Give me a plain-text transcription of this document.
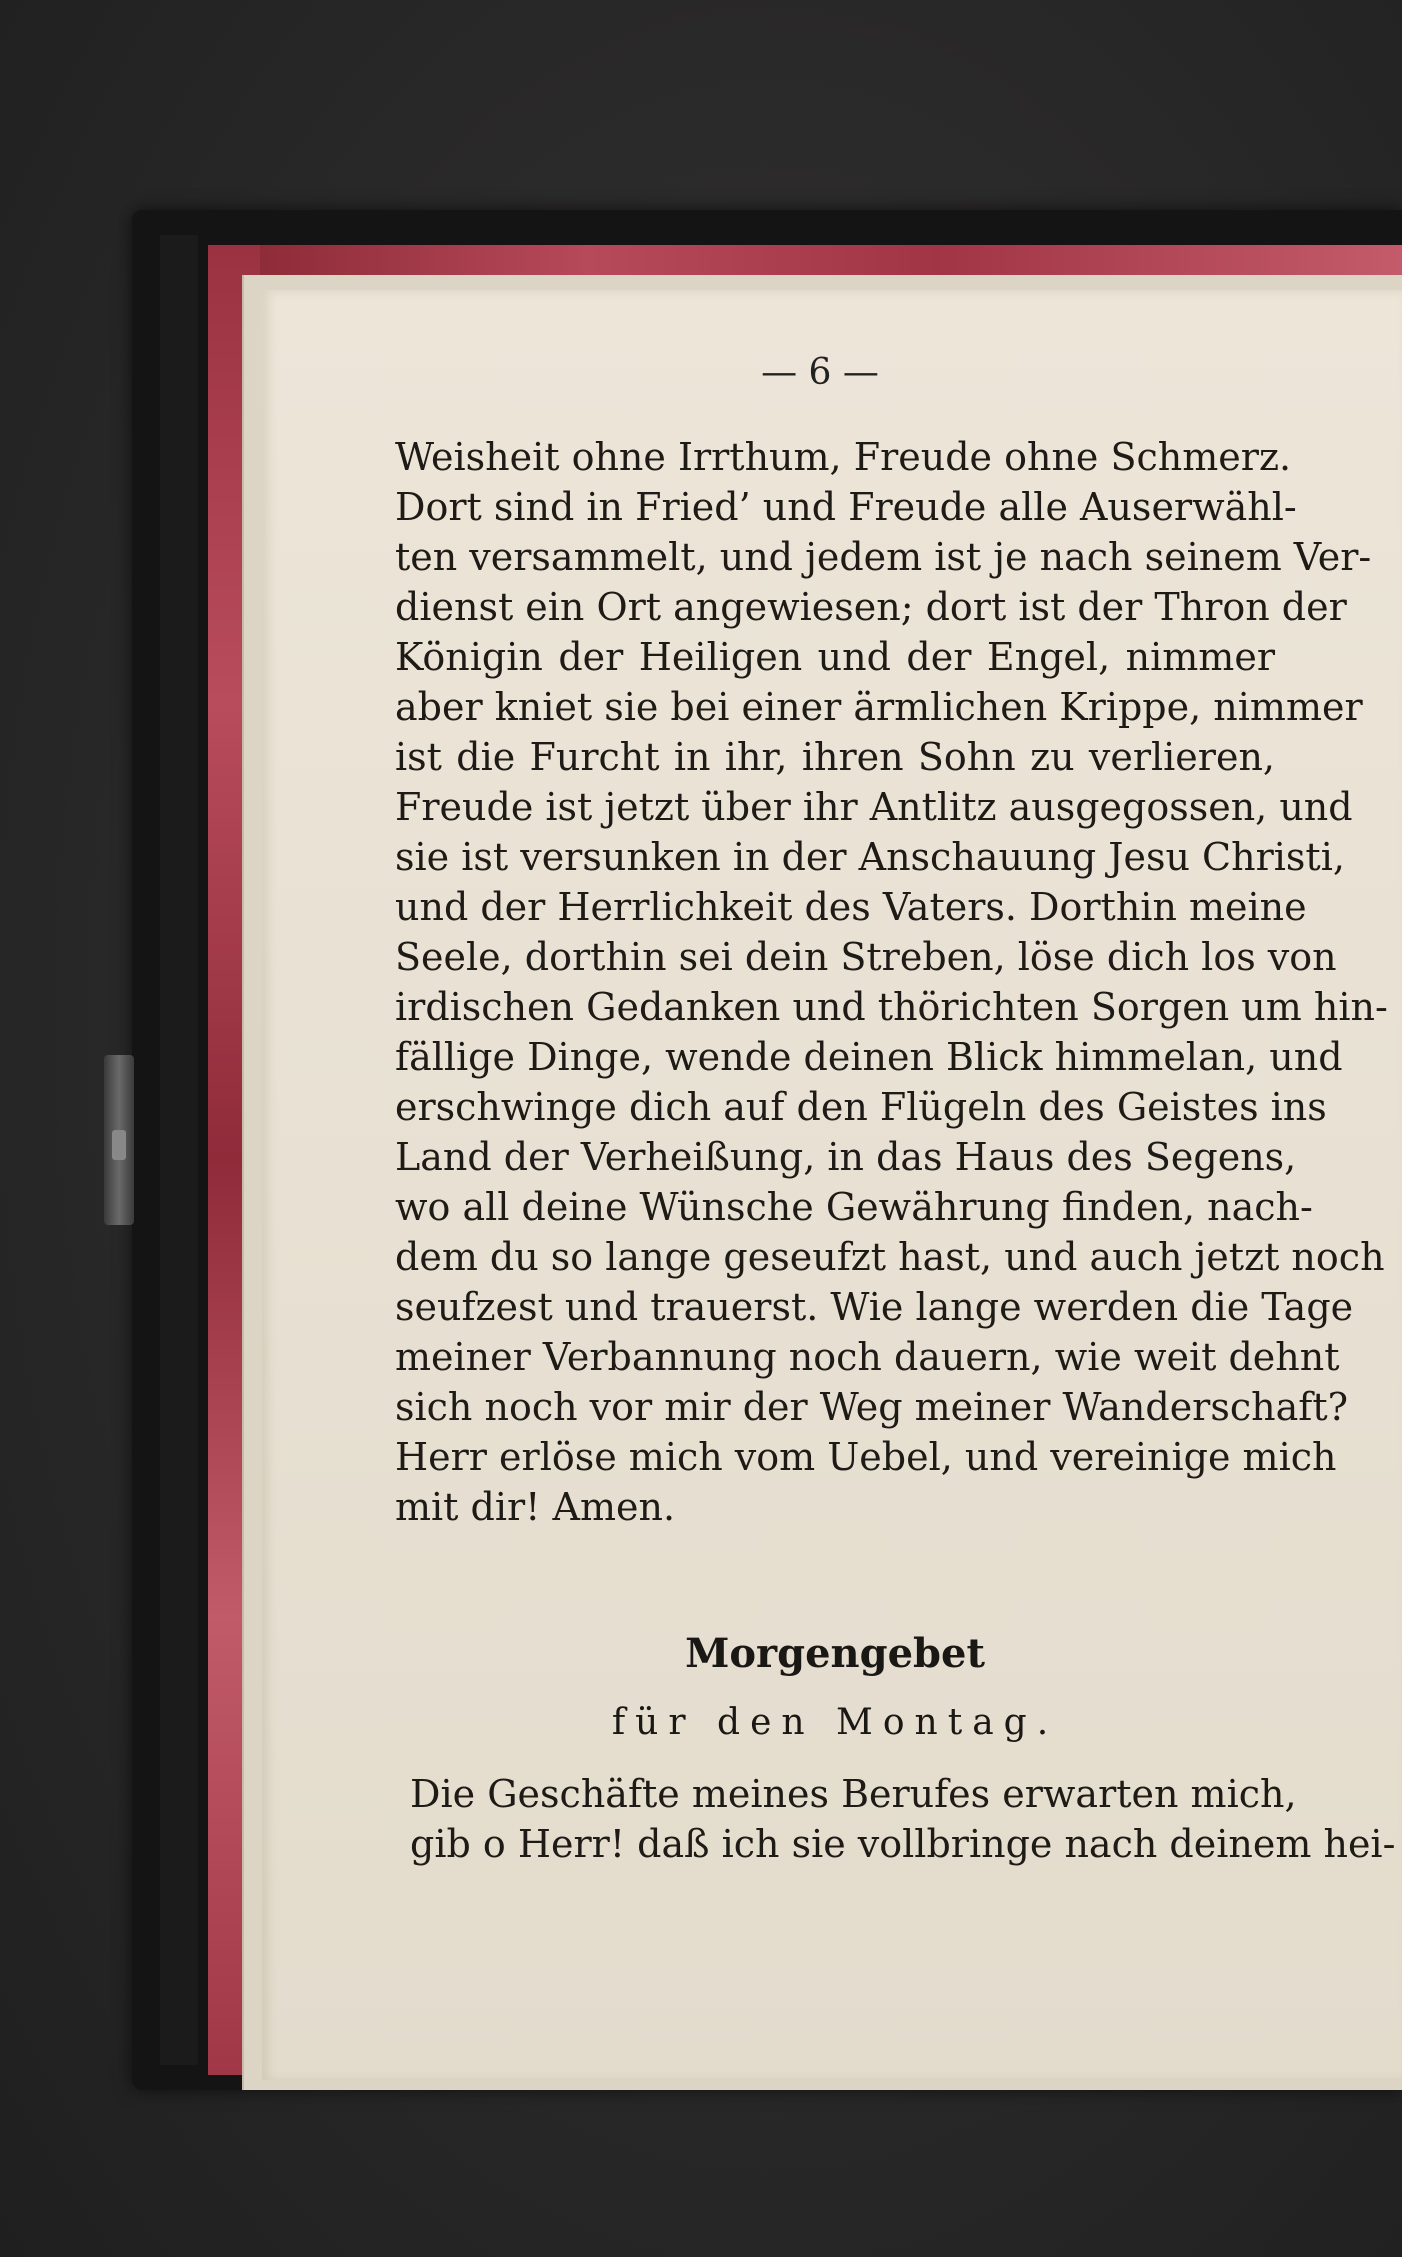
— 6 —
Weisheit ohne Irrthum, Freude ohne Schmerz.
Dort sind in Fried’ und Freude alle Auserwähl-
ten versammelt, und jedem ist je nach seinem Ver-
dienst ein Ort angewiesen; dort ist der Thron der
Königin der Heiligen und der Engel, nimmer
aber kniet sie bei einer ärmlichen Krippe, nimmer
ist die Furcht in ihr, ihren Sohn zu verlieren,
Freude ist jetzt über ihr Antlitz ausgegossen, und
sie ist versunken in der Anschauung Jesu Christi,
und der Herrlichkeit des Vaters. Dorthin meine
Seele, dorthin sei dein Streben, löse dich los von
irdischen Gedanken und thörichten Sorgen um hin-
fällige Dinge, wende deinen Blick himmelan, und
erschwinge dich auf den Flügeln des Geistes ins
Land der Verheißung, in das Haus des Segens,
wo all deine Wünsche Gewährung finden, nach-
dem du so lange geseufzt hast, und auch jetzt noch
seufzest und trauerst. Wie lange werden die Tage
meiner Verbannung noch dauern, wie weit dehnt
sich noch vor mir der Weg meiner Wanderschaft?
Herr erlöse mich vom Uebel, und vereinige mich
mit dir! Amen.
Morgengebet
für den Montag.
Die Geschäfte meines Berufes erwarten mich,
gib o Herr! daß ich sie vollbringe nach deinem hei-
